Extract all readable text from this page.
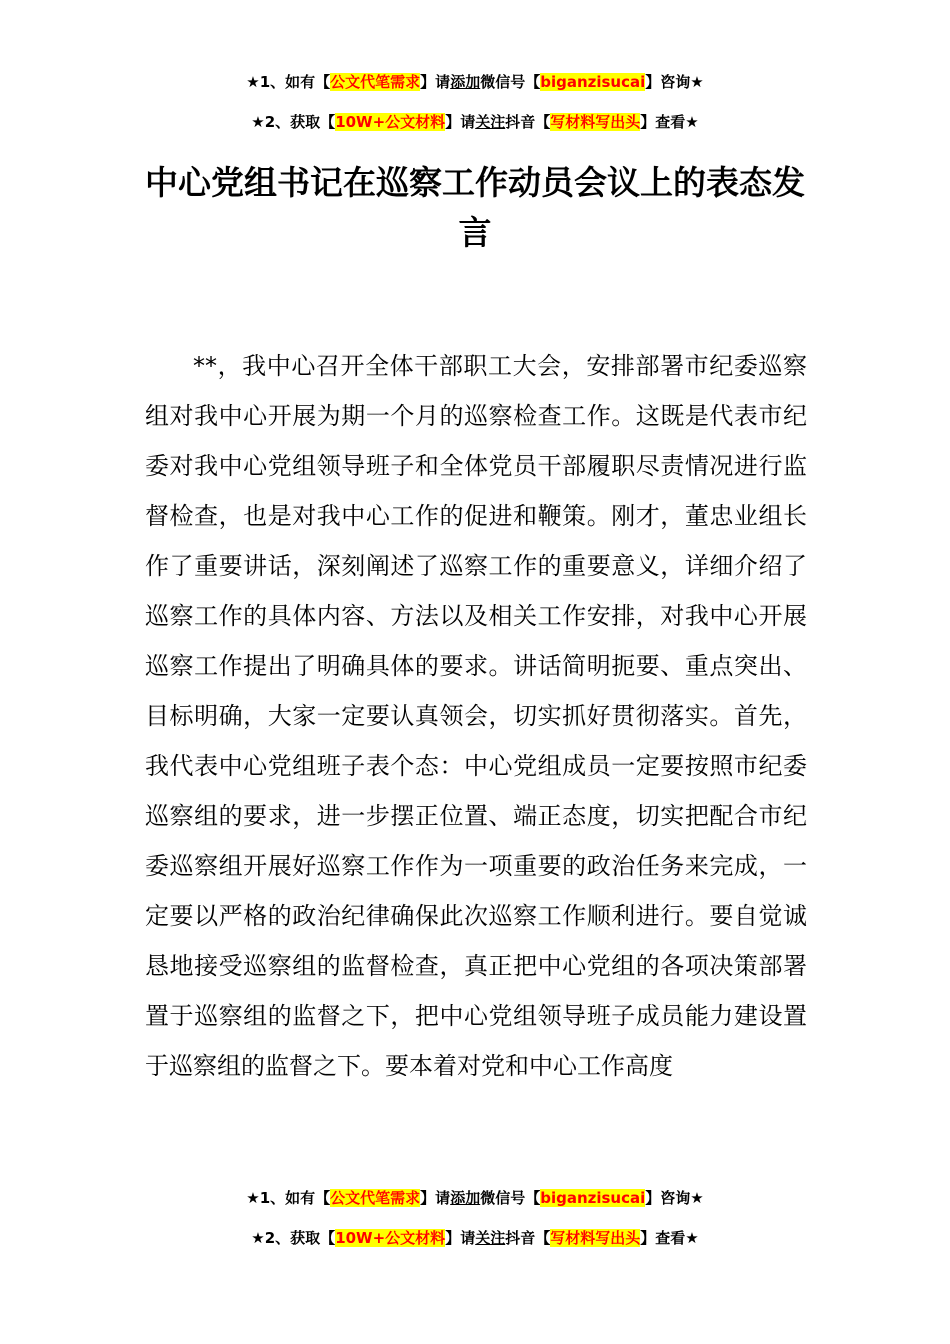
★1、如有【公文代笔需求】请添加微信号【biganzisucai】咨询★
★2、获取【10W+公文材料】请关注抖音【写材料写出头】查看★
中心党组书记在巡察工作动员会议上的表态发言

**，我中心召开全体干部职工大会，安排部署市纪委巡察组对我中心开展为期一个月的巡察检查工作。这既是代表市纪委对我中心党组领导班子和全体党员干部履职尽责情况进行监督检查，也是对我中心工作的促进和鞭策。刚才，董忠业组长作了重要讲话，深刻阐述了巡察工作的重要意义，详细介绍了巡察工作的具体内容、方法以及相关工作安排，对我中心开展巡察工作提出了明确具体的要求。讲话简明扼要、重点突出、目标明确，大家一定要认真领会，切实抓好贯彻落实。首先，我代表中心党组班子表个态：中心党组成员一定要按照市纪委巡察组的要求，进一步摆正位置、端正态度，切实把配合市纪委巡察组开展好巡察工作作为一项重要的政治任务来完成，一定要以严格的政治纪律确保此次巡察工作顺利进行。要自觉诚恳地接受巡察组的监督检查，真正把中心党组的各项决策部署置于巡察组的监督之下，把中心党组领导班子成员能力建设置于巡察组的监督之下。要本着对党和中心工作高度

★1、如有【公文代笔需求】请添加微信号【biganzisucai】咨询★
★2、获取【10W+公文材料】请关注抖音【写材料写出头】查看★
